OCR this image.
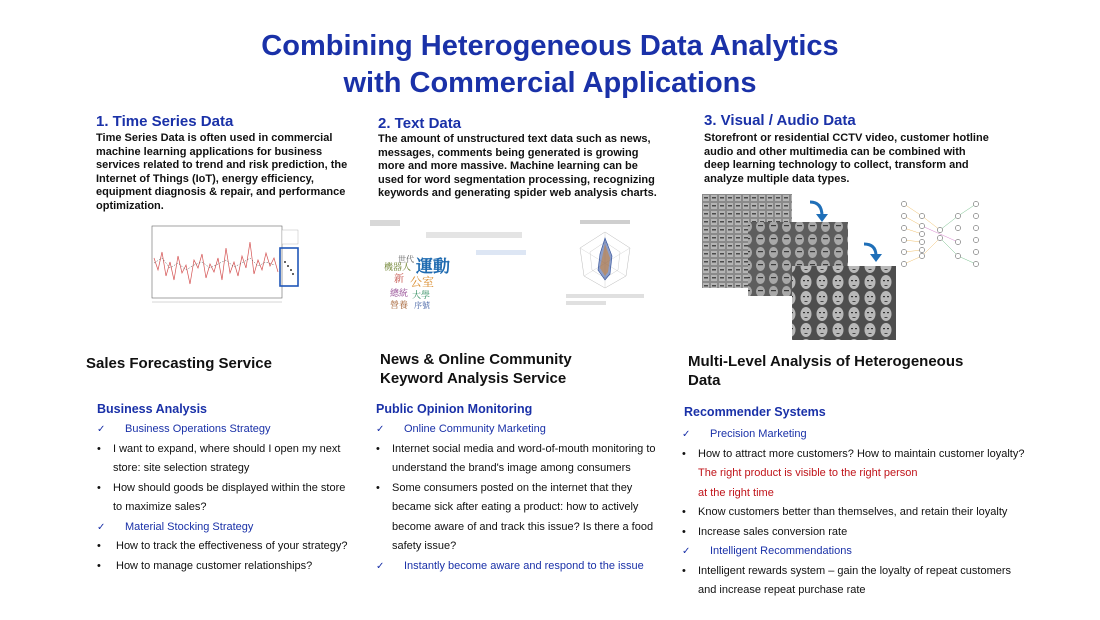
Combining Heterogeneous Data Analytics
with Commercial Applications
1. Time Series Data
Time Series Data is often used in commercial machine learning applications for business services related to trend and risk prediction, the Internet of Things (IoT), energy efficiency, equipment diagnosis & repair, and performance optimization.
2. Text Data
The amount of unstructured text data such as news, messages, comments being generated is growing more and more massive. Machine learning can be used for word segmentation processing, recognizing keywords and generating spider web analysis charts.
3. Visual / Audio Data
Storefront or residential CCTV video, customer hotline audio and other multimedia can be combined with deep learning technology to collect, transform and analyze multiple data types.
機器人 運動
新 公室
總統 大學
營養 序號
世代
Sales Forecasting Service
Business Analysis
✓ Business Operations Strategy
• I want to expand, where should I open my next store: site selection strategy
• How should goods be displayed within the store to maximize sales?
✓ Material Stocking Strategy
• How to track the effectiveness of your strategy?
• How to manage customer relationships?
News & Online Community
Keyword Analysis Service
Public Opinion Monitoring
✓ Online Community Marketing
• Internet social media and word-of-mouth monitoring to understand the brand's image among consumers
• Some consumers posted on the internet that they became sick after eating a product: how to actively become aware of and track this issue? Is there a food safety issue?
✓ Instantly become aware and respond to the issue
Multi-Level Analysis of Heterogeneous
Data
Recommender Systems
✓ Precision Marketing
• How to attract more customers? How to maintain customer loyalty?
The right product is visible to the right person
at the right time
• Know customers better than themselves, and retain their loyalty
• Increase sales conversion rate
✓ Intelligent Recommendations
• Intelligent rewards system – gain the loyalty of repeat customers
and increase repeat purchase rate
